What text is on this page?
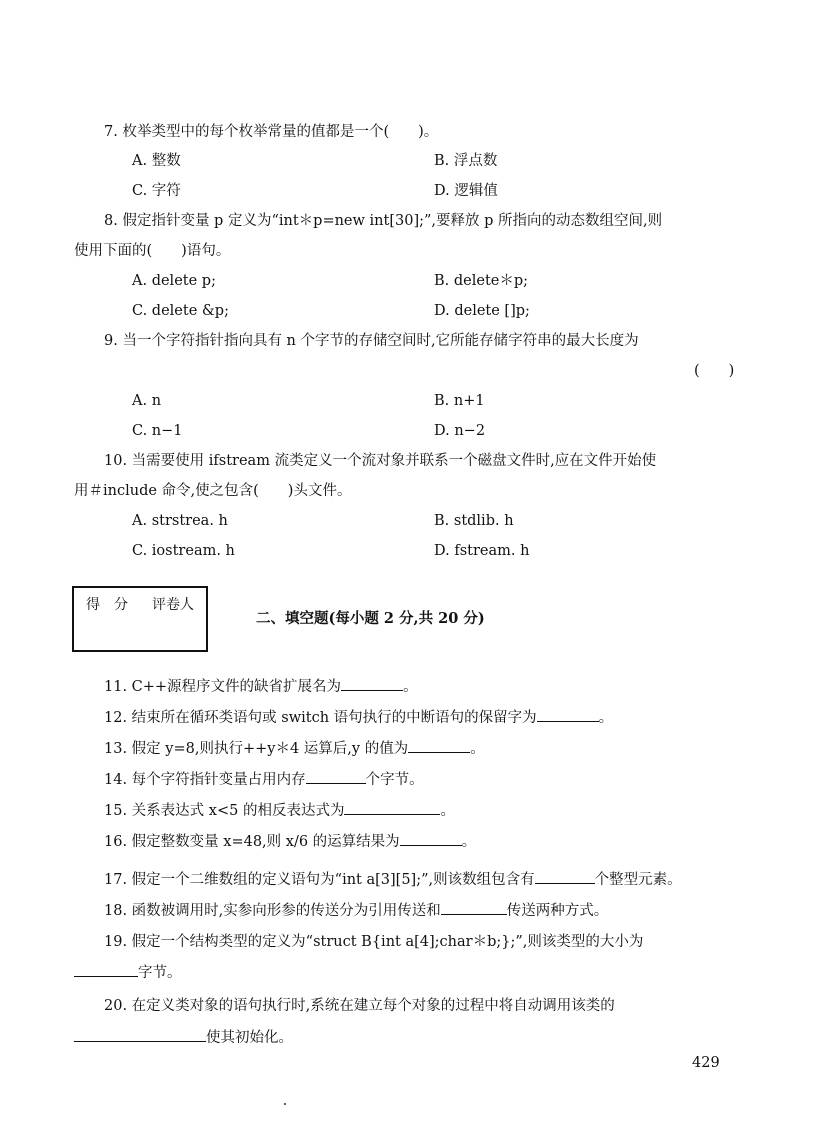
7. 枚举类型中的每个枚举常量的值都是一个(　　)。
A. 整数	B. 浮点数
C. 字符	D. 逻辑值
8. 假定指针变量 p 定义为“int＊p=new int[30];”,要释放 p 所指向的动态数组空间,则
使用下面的(　　)语句。
A. delete p;	B. delete＊p;
C. delete &p;	D. delete []p;
9. 当一个字符指针指向具有 n 个字节的存储空间时,它所能存储字符串的最大长度为
(　　)
A. n	B. n+1
C. n−1	D. n−2
10. 当需要使用 ifstream 流类定义一个流对象并联系一个磁盘文件时,应在文件开始使
用＃include 命令,使之包含(　　)头文件。
A. strstrea. h	B. stdlib. h
C. iostream. h	D. fstream. h
得　分	评卷人
二、填空题(每小题 2 分,共 20 分)
11. C++源程序文件的缺省扩展名为	。
12. 结束所在循环类语句或 switch 语句执行的中断语句的保留字为	。
13. 假定 y=8,则执行++y＊4 运算后,y 的值为	。
14. 每个字符指针变量占用内存	个字节。
15. 关系表达式 x<5 的相反表达式为	。
16. 假定整数变量 x=48,则 x/6 的运算结果为	。
17. 假定一个二维数组的定义语句为“int a[3][5];”,则该数组包含有	个整型元素。
18. 函数被调用时,实参向形参的传送分为引用传送和	传送两种方式。
19. 假定一个结构类型的定义为“struct B{int a[4];char＊b;};”,则该类型的大小为
字节。
20. 在定义类对象的语句执行时,系统在建立每个对象的过程中将自动调用该类的
使其初始化。
429
